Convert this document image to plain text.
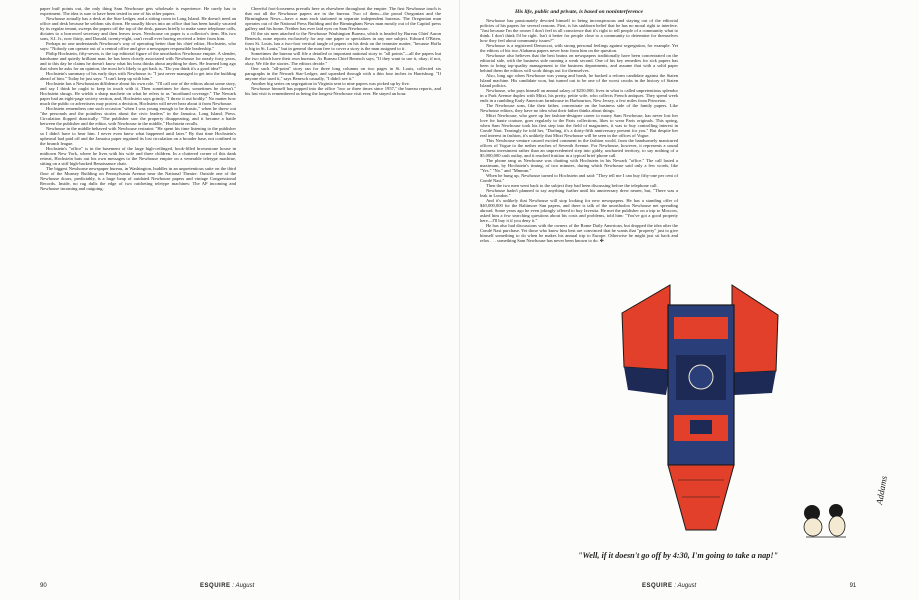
paper buff points out, the only thing Sam Newhouse gets wholesale is experience. He rarely has to experiment. The idea is sure to have been tested in one of his other papers.

Newhouse actually has a desk at the Star-Ledger, and a sitting room in Long Island. He doesn't need an office and desk because he seldom sits down. He usually blows into an office that has been hastily vacated by its regular tenant, sweeps the papers off the top of the desk, pauses briefly to make some telephone calls, dictates to a borrowed secretary and then leaves town. Newhouse on paper is a collector's item. His two sons, S.I. Jr., now thirty, and Donald, twenty-eight, can't recall ever having received a letter from him.

Perhaps no one understands Newhouse's way of operating better than his chief editor, Hochstein, who says: "Nobody can operate out of a central office and give a newspaper responsible leadership."

Philip Hochstein, fifty-seven, is the top editorial figure of the unorthodox Newhouse empire. A slender, handsome and quietly brilliant man, he has been closely associated with Newhouse for nearly forty years, and to this day he claims he doesn't know what his boss thinks about anything he does. He learned long ago that when he asks for an opinion, the most he's likely to get back is, "Do you think it's a good idea?"

Hochstein's summary of his early days with Newhouse is: "I just never managed to get into the building ahead of him." Today he just says: "I can't keep up with him."

Hochstein has a Newhousian diffidence about his own role. "I'll call one of the editors about some story, and say I think he ought to keep in touch with it. Then sometimes he does; sometimes he doesn't." Hochstein shrugs. He wields a sharp machete on what he refers to as "moribund coverage." The Newark paper had an eight-page society section, and, Hochstein says grimly, "I threw it out bodily." No matter how much the public or advertisers may protest a decision, Hochstein will never hear about it from Newhouse.

Hochstein remembers one such occasion "when I was young enough to be drastic," when he threw out "the personals and the pointless stories about the civic leaders" in the Jamaica, Long Island, Press. Circulation flopped drastically. "The publisher saw the property disappearing, and it became a battle between the publisher and the editor, with Newhouse in the middle," Hochstein recalls.

Newhouse in the middle behaved with Newhouse restraint: "He spent his time listening to the publisher so I didn't have to hear him. I never even knew what happened until later." By that time Hochstein's upheaval had paid off and the Jamaica paper regained its lost circulation on a broader base, not confined to the brunch league.

Hochstein's "office" is in the basement of the large high-ceilinged, book-filled brownstone house in midtown New York, where he lives with his wife and three children. In a cluttered corner of this dank retreat, Hochstein bats out his own messages to the Newhouse empire on a venerable teletype machine, sitting on a stiff high-backed Renaissance chair.

The biggest Newhouse newspaper bureau, in Washington, huddles in an unpretentious suite on the third floor of the Munsey Building on Pennsylvania Avenue near the National Theatre. Outside one of the Newhouse doors, predictably, is a huge heap of outdated Newhouse papers and vintage Congressional Records. Inside, no rug dulls the edge of two ratcheting teletype machines: The AP incoming and Newhouse incoming and outgoing.

Cheerful foot-looseness prevails here as elsewhere throughout the empire. The first Newhouse touch is that not all the Newhouse papers are in the bureau. Two of them—the proud Oregonian and the Birmingham News—have a man each stationed in separate independent bureaus. The Oregonian man operates out of the National Press Building and the Birmingham News man mostly out of the Capitol press gallery and his home. Neither has ever laid eyes on Sam Newhouse.

Of the six men attached to the Newhouse Washington Bureau, which is headed by Bureau Chief Aaron Benesch, none reports exclusively for any one paper or specializes in any one subject. Edward O'Brien, from St. Louis, has a two-foot vertical tangle of papers on his desk on the teamster matter, "because Hoffa is big in St. Louis," but in general the man free to cover a story is the man assigned to it.

Sometimes the bureau will file a detailed or important national story to "all points"—all the papers but the two which have their own bureaus. As Bureau Chief Benesch says, "If they want to use it, okay; if not, okay. We file the stories. The editors decide."

One such "all-point" story ran for three long columns on two pages in St. Louis, collected six paragraphs in the Newark Star-Ledger, and squeaked through with a thin four inches in Harrisburg. "If anyone else used it," says Benesch casually, "I didn't see it."

Another big series on segregation in Virginia sent to nine papers was picked up by five.

Newhouse himself has popped into the office "two or three times since 1957," the bureau reports, and his last visit is remembered as being the longest-Newhouse visit ever. He stayed an hour.

90	ESQUIRE : August
His life, public and private, is based on noninterference

Newhouse has passionately devoted himself to being inconspicuous and staying out of the editorial policies of his papers for several reasons. First, is his stubborn belief that he has no moral right to interfere. "Just because I'm the owner I don't feel in all conscience that it's right to tell people of a community what to think. I don't think I'd be right. Isn't it better for people close to a community to determine for themselves how they feel about community issues?"

Newhouse is a registered Democrat, with strong personal feelings against segregation, for example. Yet the editors of his two Alabama papers never hear from him on the question.

Newhouse also believes that the best brains on newspapers traditionally have been concentrated on the editorial side, with the business side running a weak second. One of his key remedies for sick papers has been to bring top-quality management to the business departments, and assume that with a solid paper behind them the editors will work things out for themselves.

Also, long ago when Newhouse was young and brash, he backed a reform candidate against the Staten Island machine. His candidate won, but turned out to be one of the worst crooks in the history of Staten Island politics.

Newhouse, who pays himself an annual salary of $250,000, lives in what is called unpretentious splendor in a Park Avenue duplex with Mitzi, his pretty, petite wife, who collects French antiques. They spend week ends in a rambling Early American farmhouse in Harbourton, New Jersey, a few miles from Princeton.

The Newhouse sons, like their father, concentrate on the business side of the family papers. Like Newhouse editors, they have no idea what their father thinks about things.

Mitzi Newhouse, who gave up her fashion-designer career to marry Sam Newhouse, has never lost her love for haute couture, goes regularly to the Paris collections, likes to wear Paris originals. This spring, when Sam Newhouse took his first step into the field of magazines, it was to buy controlling interest in Condé Nast. Teasingly he told her, "Darling, it's a thirty-fifth anniversary present for you." But despite her real interest in fashion, it's unlikely that Mitzi Newhouse will be seen in the offices of Vogue.

This Newhouse venture caused excited comment in the fashion world, from the handsomely manicured offices of Vogue to the nether reaches of Seventh Avenue. For Newhouse, however, it represents a sound business investment rather than an unprecedented step into giddy, uncharted territory, to say nothing of a $5,000,000 cash outlay, and it reached fruition in a typical brief phone call.

The phone rang as Newhouse was chatting with Hochstein in his Newark "office." The call lasted a maximum, by Hochstein's timing, of two minutes, during which Newhouse said only a few words, like "Yes." "No." and "Mmmm."

When he hung up, Newhouse turned to Hochstein and said: "They tell me I can buy fifty-one per cent of Condé Nast."

Then the two men went back to the subject they had been discussing before the telephone call.

Newhouse hadn't planned to say anything further until his anniversary drew nearer, but, "There was a leak in London."

And it's unlikely that Newhouse will stop looking for new newspapers. He has a standing offer of $40,000,000 for the Baltimore Sun papers, and there is talk of the unorthodox Newhouse net spreading abroad. Some years ago he even jokingly offered to buy Izvestia. He met the publisher on a trip to Moscow, asked him a few searching questions about his costs and problems, told him: "You've got a good property here—I'll buy it if you deny it."

He has also had discussions with the owners of the Rome Daily American, but dropped the idea after the Condé Nast purchase. Yet those who know him best are convinced that he wants that "property" just to give himself something to do when he makes his annual trip to Europe. Otherwise he might just sit back and relax . . . something Sam Newhouse has never been known to do. ✣

Addams
"Well, if it doesn't go off by 4:30, I'm going to take a nap!"
ESQUIRE : August	91
